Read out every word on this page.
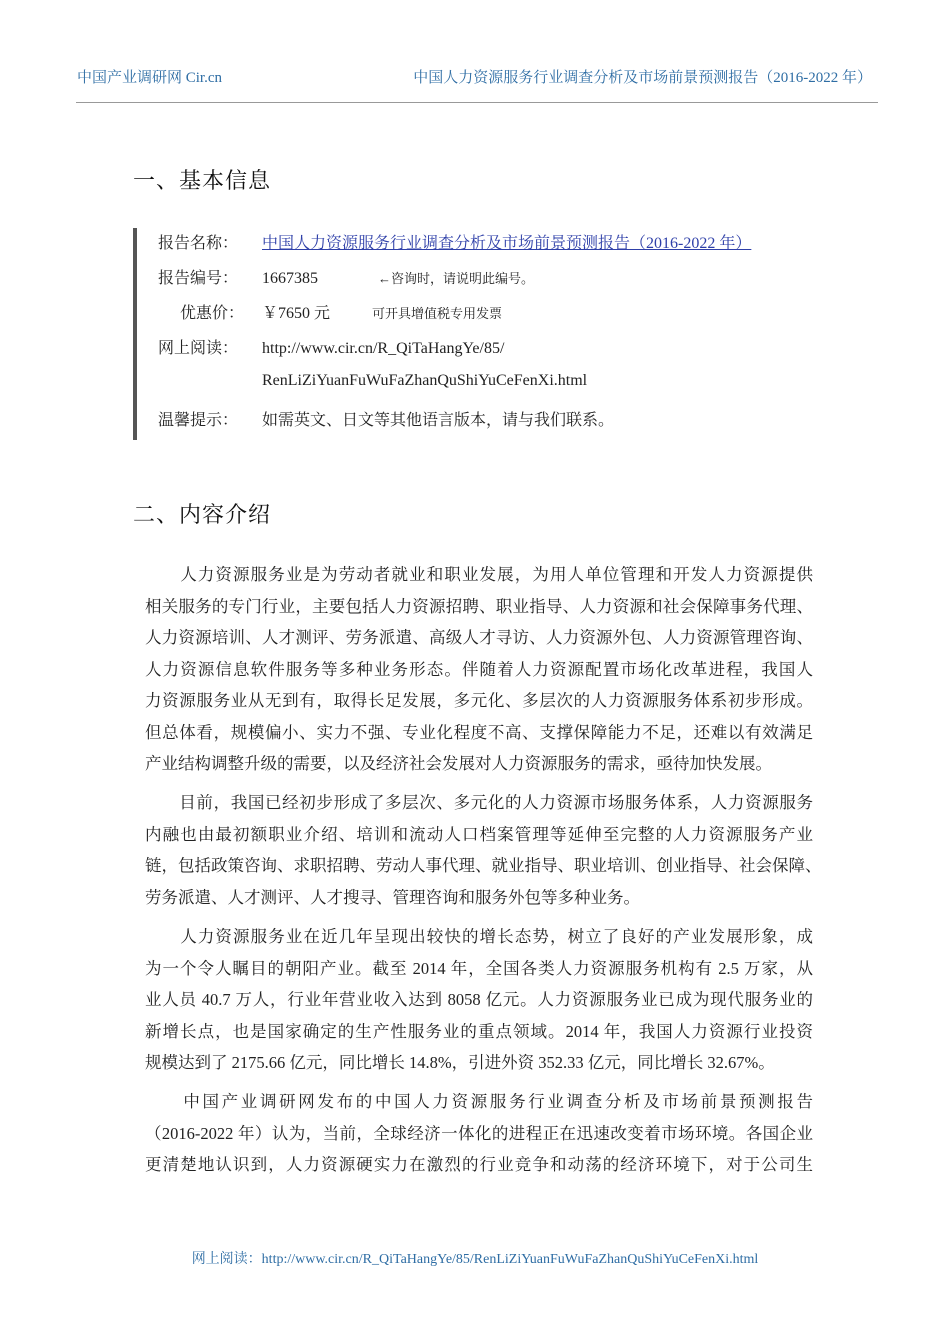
中国产业调研网 Cir.cn	中国人力资源服务行业调查分析及市场前景预测报告（2016-2022 年）
一、基本信息
报告名称： 中国人力资源服务行业调查分析及市场前景预测报告（2016-2022 年）
报告编号： 1667385	←咨询时，请说明此编号。
优惠价： ￥7650 元	可开具增值税专用发票
网上阅读： http://www.cir.cn/R_QiTaHangYe/85/
RenLiZiYuanFuWuFaZhanQuShiYuCeFenXi.html
温馨提示： 如需英文、日文等其他语言版本，请与我们联系。
二、内容介绍
　　人力资源服务业是为劳动者就业和职业发展，为用人单位管理和开发人力资源提供
相关服务的专门行业，主要包括人力资源招聘、职业指导、人力资源和社会保障事务代理、
人力资源培训、人才测评、劳务派遣、高级人才寻访、人力资源外包、人力资源管理咨询、
人力资源信息软件服务等多种业务形态。伴随着人力资源配置市场化改革进程，我国人
力资源服务业从无到有，取得长足发展，多元化、多层次的人力资源服务体系初步形成。
但总体看，规模偏小、实力不强、专业化程度不高、支撑保障能力不足，还难以有效满足
产业结构调整升级的需要，以及经济社会发展对人力资源服务的需求，亟待加快发展。
　　目前，我国已经初步形成了多层次、多元化的人力资源市场服务体系，人力资源服务
内融也由最初额职业介绍、培训和流动人口档案管理等延伸至完整的人力资源服务产业
链，包括政策咨询、求职招聘、劳动人事代理、就业指导、职业培训、创业指导、社会保障、
劳务派遣、人才测评、人才搜寻、管理咨询和服务外包等多种业务。
　　人力资源服务业在近几年呈现出较快的增长态势，树立了良好的产业发展形象，成
为一个令人瞩目的朝阳产业。截至 2014 年，全国各类人力资源服务机构有 2.5 万家，从
业人员 40.7 万人，行业年营业收入达到 8058 亿元。人力资源服务业已成为现代服务业的
新增长点，也是国家确定的生产性服务业的重点领域。2014 年，我国人力资源行业投资
规模达到了 2175.66 亿元，同比增长 14.8%，引进外资 352.33 亿元，同比增长 32.67%。
　　中国产业调研网发布的中国人力资源服务行业调查分析及市场前景预测报告
（2016-2022 年）认为，当前，全球经济一体化的进程正在迅速改变着市场环境。各国企业
更清楚地认识到，人力资源硬实力在激烈的行业竞争和动荡的经济环境下，对于公司生
网上阅读：http://www.cir.cn/R_QiTaHangYe/85/RenLiZiYuanFuWuFaZhanQuShiYuCeFenXi.html
